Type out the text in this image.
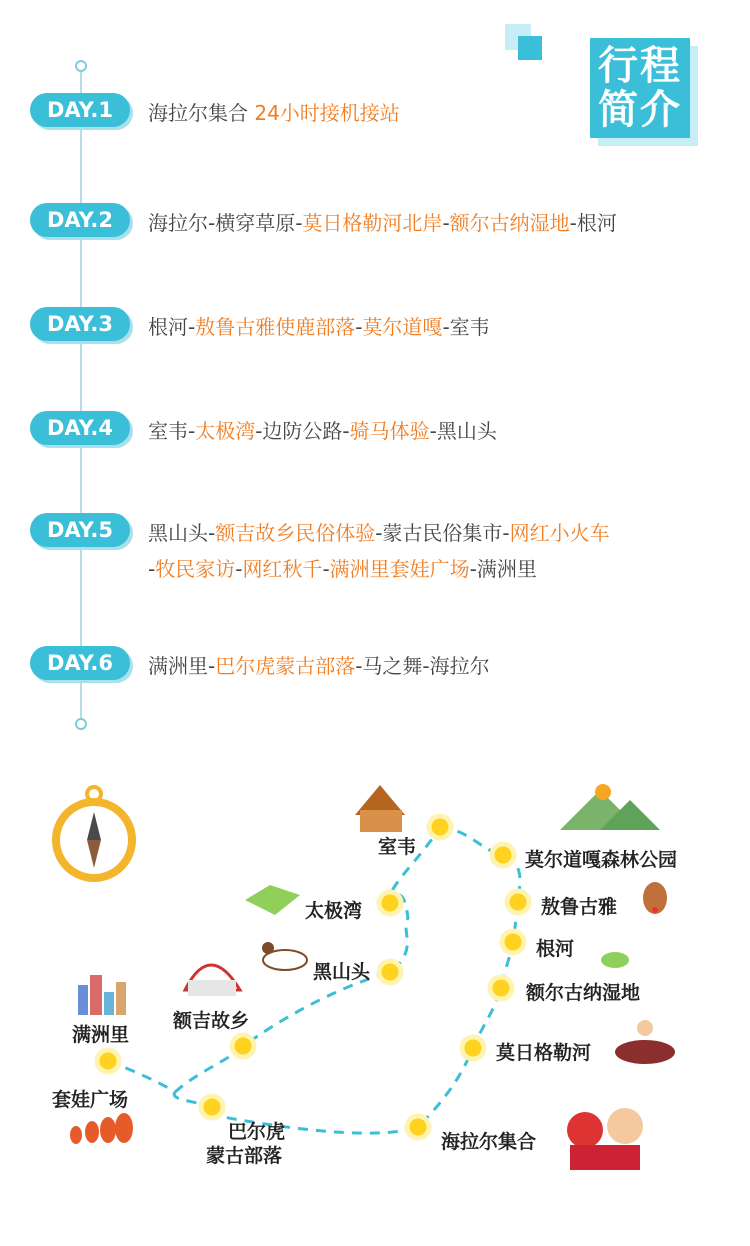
行程
简介
DAY.1	海拉尔集合 24小时接机接站
DAY.2	海拉尔-横穿草原-莫日格勒河北岸-额尔古纳湿地-根河
DAY.3	根河-敖鲁古雅使鹿部落-莫尔道嘎-室韦
DAY.4	室韦-太极湾-边防公路-骑马体验-黑山头
DAY.5	黑山头-额吉故乡民俗体验-蒙古民俗集市-网红小火车
-牧民家访-网红秋千-满洲里套娃广场-满洲里
DAY.6	满洲里-巴尔虎蒙古部落-马之舞-海拉尔
室韦
莫尔道嘎森林公园
敖鲁古雅
根河
额尔古纳湿地
莫日格勒河
海拉尔集合
太极湾
黑山头
额吉故乡
满洲里
套娃广场
巴尔虎
蒙古部落
